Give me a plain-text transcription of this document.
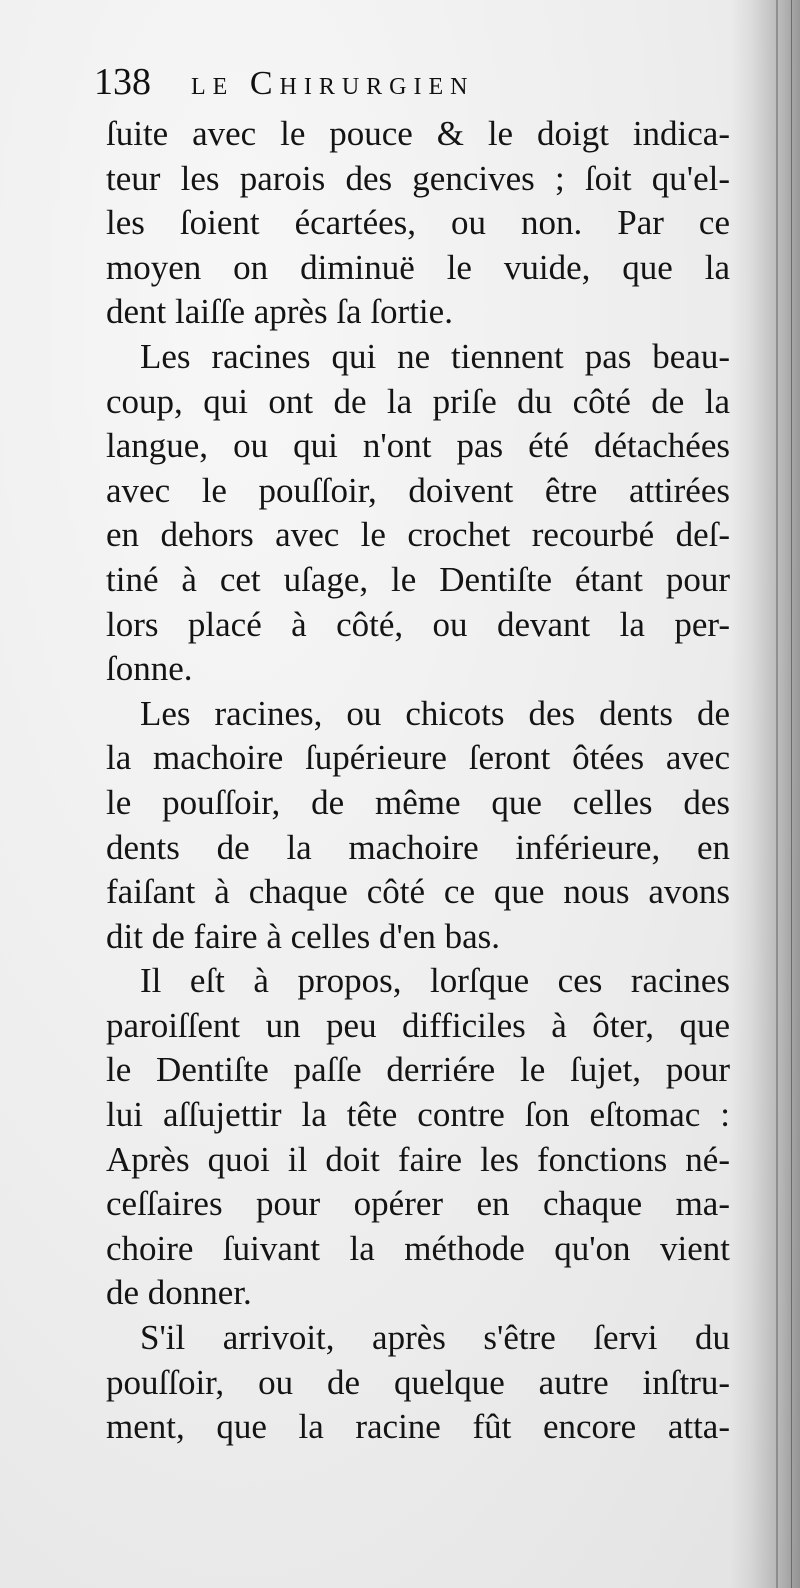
138 le Chirurgien
ſuite avec le pouce & le doigt indica-
teur les parois des gencives ; ſoit qu'el-
les ſoient écartées, ou non. Par ce
moyen on diminuë le vuide, que la
dent laiſſe après ſa ſortie.
Les racines qui ne tiennent pas beau-
coup, qui ont de la priſe du côté de la
langue, ou qui n'ont pas été détachées
avec le pouſſoir, doivent être attirées
en dehors avec le crochet recourbé deſ-
tiné à cet uſage, le Dentiſte étant pour
lors placé à côté, ou devant la per-
ſonne.
Les racines, ou chicots des dents de
la machoire ſupérieure ſeront ôtées avec
le pouſſoir, de même que celles des
dents de la machoire inférieure, en
faiſant à chaque côté ce que nous avons
dit de faire à celles d'en bas.
Il eſt à propos, lorſque ces racines
paroiſſent un peu difficiles à ôter, que
le Dentiſte paſſe derriére le ſujet, pour
lui aſſujettir la tête contre ſon eſtomac :
Après quoi il doit faire les fonctions né-
ceſſaires pour opérer en chaque ma-
choire ſuivant la méthode qu'on vient
de donner.
S'il arrivoit, après s'être ſervi du
pouſſoir, ou de quelque autre inſtru-
ment, que la racine fût encore atta-
